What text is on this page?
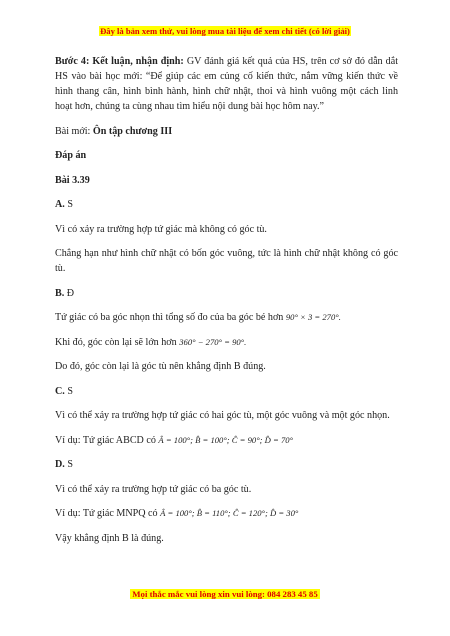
Đây là bản xem thử, vui lòng mua tài liệu để xem chi tiết (có lời giải)

Bước 4: Kết luận, nhận định: GV đánh giá kết quả của HS, trên cơ sở đó dẫn dắt HS vào bài học mới: “Để giúp các em củng cố kiến thức, nắm vững kiến thức về hình thang cân, hình bình hành, hình chữ nhật, thoi và hình vuông một cách linh hoạt hơn, chúng ta cùng nhau tìm hiểu nội dung bài học hôm nay.”

Bài mới: Ôn tập chương III

Đáp án

Bài 3.39

A. S

Vì có xảy ra trường hợp tứ giác mà không có góc tù.

Chẳng hạn như hình chữ nhật có bốn góc vuông, tức là hình chữ nhật không có góc tù.

B. Đ

Tứ giác có ba góc nhọn thì tổng số đo của ba góc bé hơn 90° × 3 = 270°.

Khi đó, góc còn lại sẽ lớn hơn 360° − 270° = 90°.

Do đó, góc còn lại là góc tù nên khẳng định B đúng.

C. S

Vì có thể xảy ra trường hợp tứ giác có hai góc tù, một góc vuông và một góc nhọn.

Ví dụ: Tứ giác ABCD có Â = 100°; B̂ = 100°; Ĉ = 90°; D̂ = 70°

D. S

Vì có thể xảy ra trường hợp tứ giác có ba góc tù.

Ví dụ: Tứ giác MNPQ có Â = 100°; B̂ = 110°; Ĉ = 120°; D̂ = 30°

Vậy khẳng định B là đúng.

Mọi thắc mắc vui lòng xin vui lòng: 084 283 45 85
